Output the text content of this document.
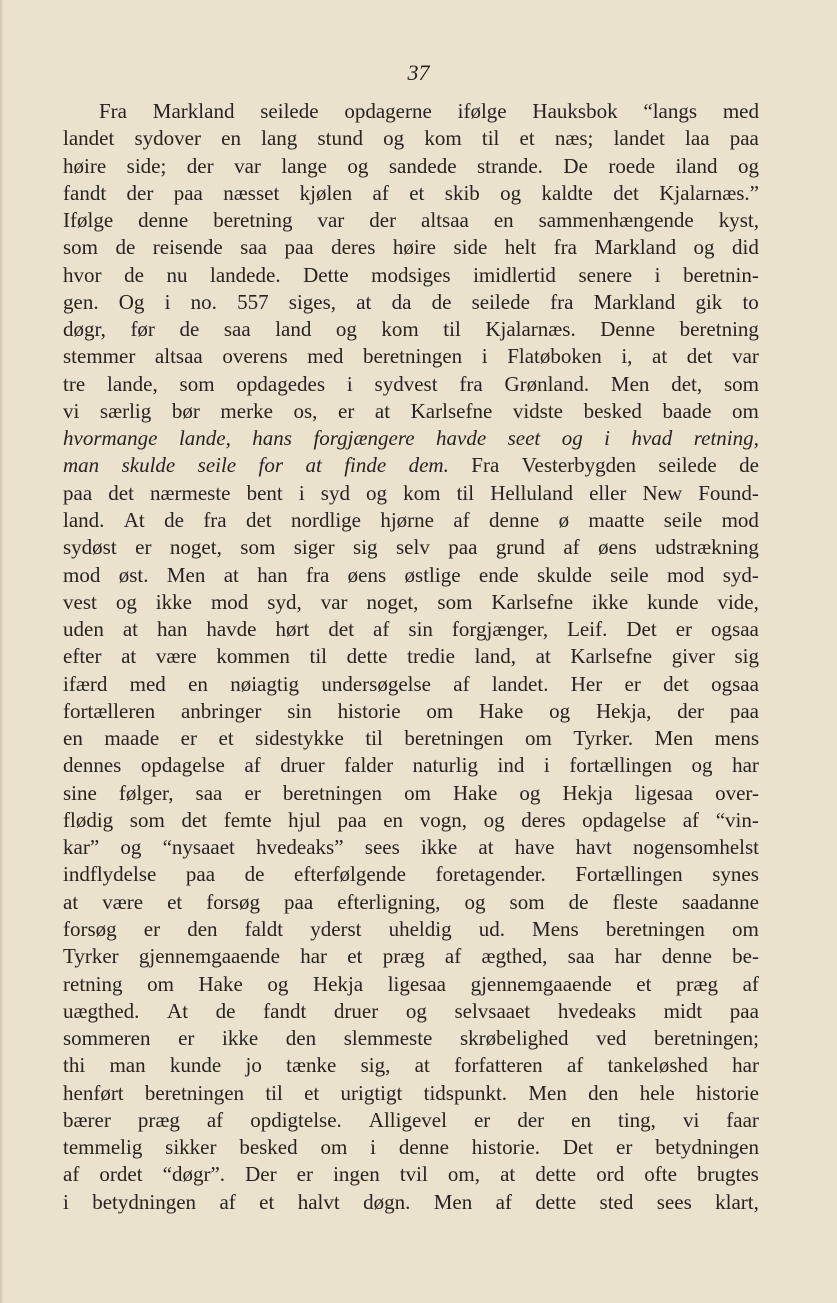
37
Fra Markland seilede opdagerne ifølge Hauksbok “langs med
landet sydover en lang stund og kom til et næs; landet laa paa
høire side; der var lange og sandede strande. De roede iland og
fandt der paa næsset kjølen af et skib og kaldte det Kjalarnæs.”
Ifølge denne beretning var der altsaa en sammenhængende kyst,
som de reisende saa paa deres høire side helt fra Markland og did
hvor de nu landede. Dette modsiges imidlertid senere i beretnin-
gen. Og i no. 557 siges, at da de seilede fra Markland gik to
døgr, før de saa land og kom til Kjalarnæs. Denne beretning
stemmer altsaa overens med beretningen i Flatøboken i, at det var
tre lande, som opdagedes i sydvest fra Grønland. Men det, som
vi særlig bør merke os, er at Karlsefne vidste besked baade om
hvormange lande, hans forgjængere havde seet og i hvad retning,
man skulde seile for at finde dem. Fra Vesterbygden seilede de
paa det nærmeste bent i syd og kom til Helluland eller New Found-
land. At de fra det nordlige hjørne af denne ø maatte seile mod
sydøst er noget, som siger sig selv paa grund af øens udstrækning
mod øst. Men at han fra øens østlige ende skulde seile mod syd-
vest og ikke mod syd, var noget, som Karlsefne ikke kunde vide,
uden at han havde hørt det af sin forgjænger, Leif. Det er ogsaa
efter at være kommen til dette tredie land, at Karlsefne giver sig
ifærd med en nøiagtig undersøgelse af landet. Her er det ogsaa
fortælleren anbringer sin historie om Hake og Hekja, der paa
en maade er et sidestykke til beretningen om Tyrker. Men mens
dennes opdagelse af druer falder naturlig ind i fortællingen og har
sine følger, saa er beretningen om Hake og Hekja ligesaa over-
flødig som det femte hjul paa en vogn, og deres opdagelse af “vin-
kar” og “nysaaet hvedeaks” sees ikke at have havt nogensomhelst
indflydelse paa de efterfølgende foretagender. Fortællingen synes
at være et forsøg paa efterligning, og som de fleste saadanne
forsøg er den faldt yderst uheldig ud. Mens beretningen om
Tyrker gjennemgaaende har et præg af ægthed, saa har denne be-
retning om Hake og Hekja ligesaa gjennemgaaende et præg af
uægthed. At de fandt druer og selvsaaet hvedeaks midt paa
sommeren er ikke den slemmeste skrøbelighed ved beretningen;
thi man kunde jo tænke sig, at forfatteren af tankeløshed har
henført beretningen til et urigtigt tidspunkt. Men den hele historie
bærer præg af opdigtelse. Alligevel er der en ting, vi faar
temmelig sikker besked om i denne historie. Det er betydningen
af ordet “døgr”. Der er ingen tvil om, at dette ord ofte brugtes
i betydningen af et halvt døgn. Men af dette sted sees klart,
